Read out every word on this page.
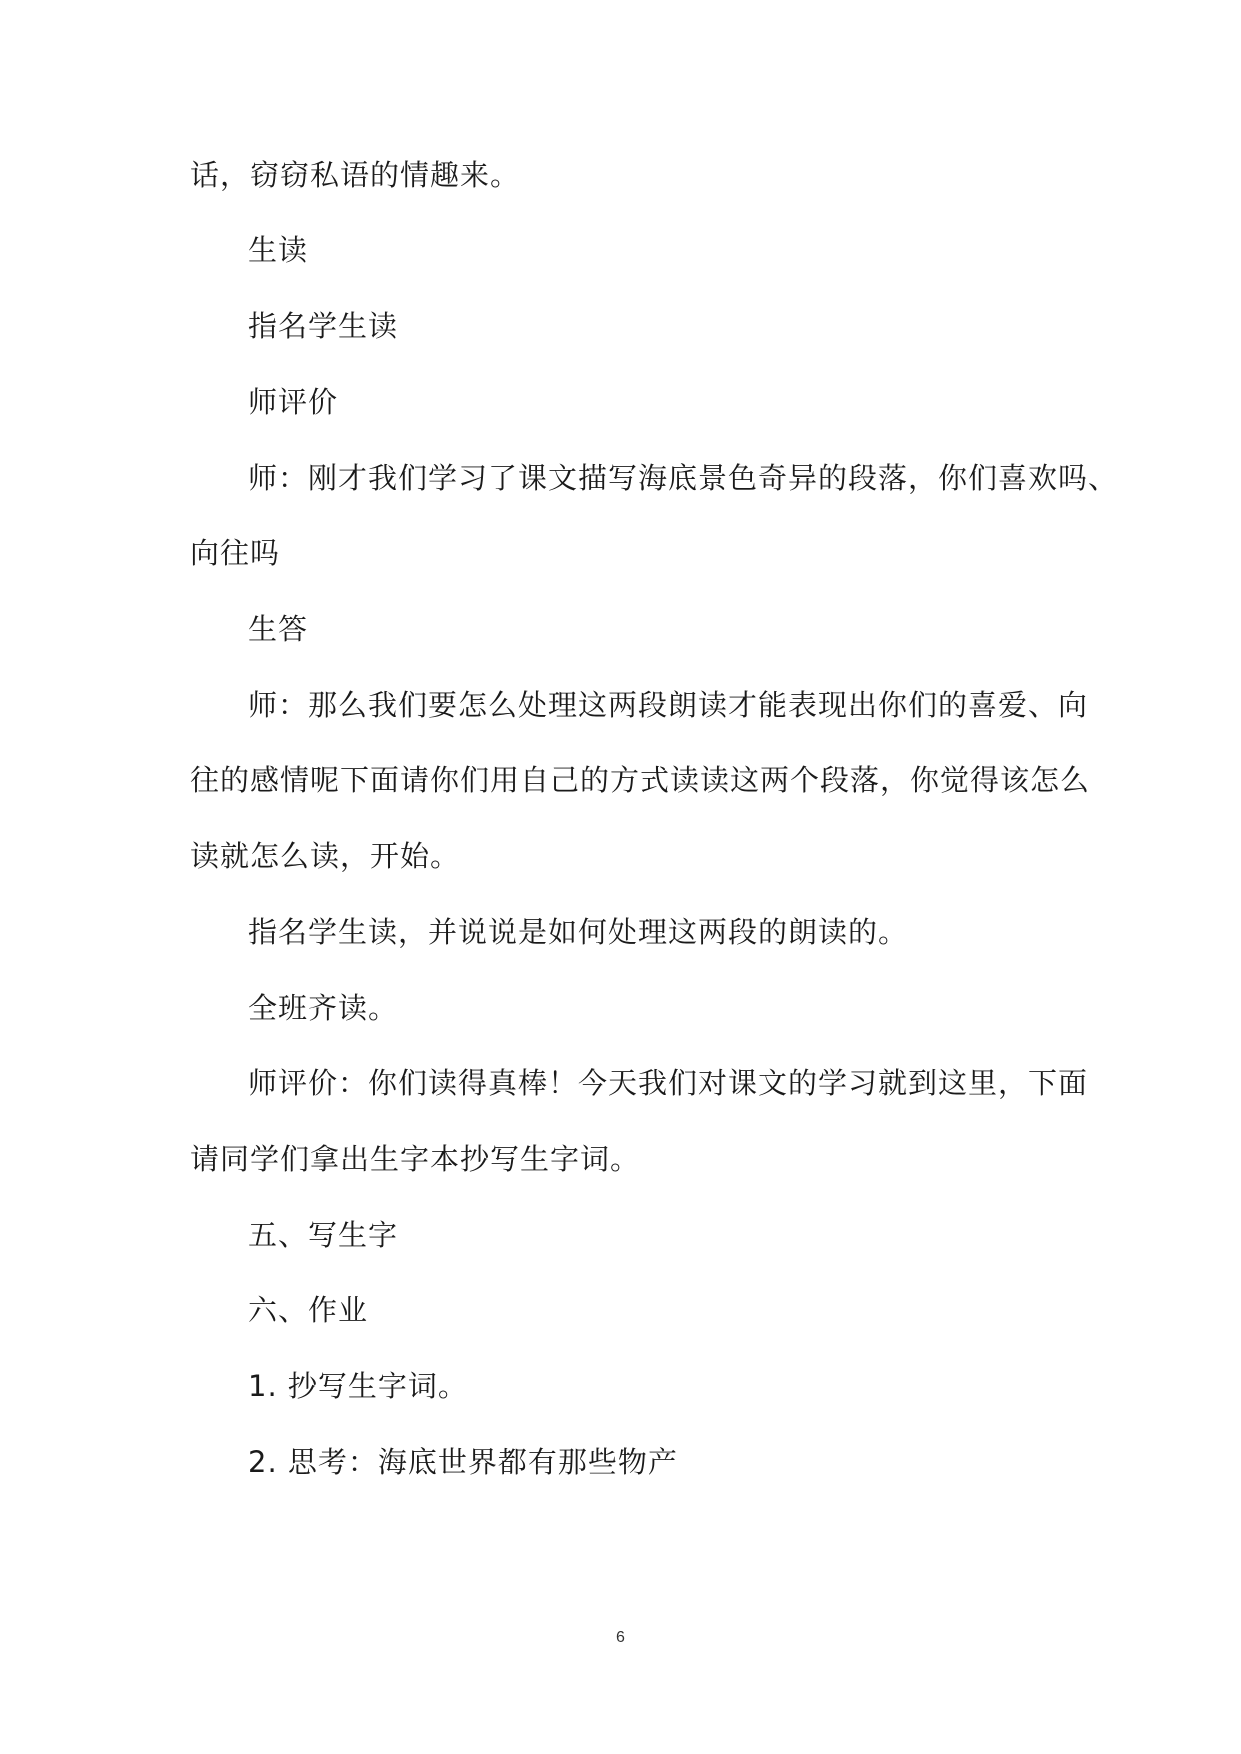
话，窃窃私语的情趣来。
生读
指名学生读
师评价
师：刚才我们学习了课文描写海底景色奇异的段落，你们喜欢吗、
向往吗
生答
师：那么我们要怎么处理这两段朗读才能表现出你们的喜爱、向
往的感情呢下面请你们用自己的方式读读这两个段落，你觉得该怎么
读就怎么读，开始。
指名学生读，并说说是如何处理这两段的朗读的。
全班齐读。
师评价：你们读得真棒！今天我们对课文的学习就到这里，下面
请同学们拿出生字本抄写生字词。
五、写生字
六、作业
1. 抄写生字词。
2. 思考：海底世界都有那些物产
6
